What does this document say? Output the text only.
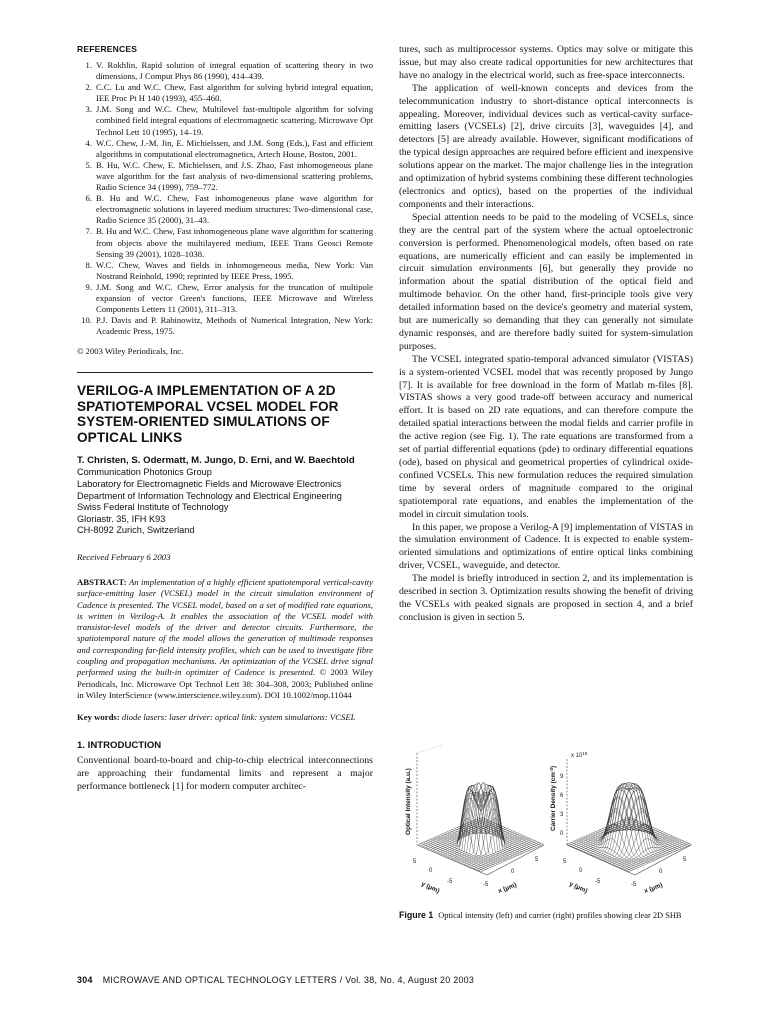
REFERENCES
1. V. Rokhlin, Rapid solution of integral equation of scattering theory in two dimensions, J Comput Phys 86 (1990), 414–439.
2. C.C. Lu and W.C. Chew, Fast algorithm for solving hybrid integral equation, IEE Proc Pt H 140 (1993), 455–460.
3. J.M. Song and W.C. Chew, Multilevel fast-multipole algorithm for solving combined field integral equations of electromagnetic scattering, Microwave Opt Technol Lett 10 (1995), 14–19.
4. W.C. Chew, J.-M. Jin, E. Michielssen, and J.M. Song (Eds.), Fast and efficient algorithms in computational electromagnetics, Artech House, Boston, 2001.
5. B. Hu, W.C. Chew, E. Michielssen, and J.S. Zhao, Fast inhomogeneous plane wave algorithm for the fast analysis of two-dimensional scattering problems, Radio Science 34 (1999), 759–772.
6. B. Hu and W.C. Chew, Fast inhomogeneous plane wave algorithm for electromagnetic solutions in layered medium structures: Two-dimensional case, Radio Science 35 (2000), 31–43.
7. B. Hu and W.C. Chew, Fast inhomogeneous plane wave algorithm for scattering from objects above the multilayered medium, IEEE Trans Geosci Remote Sensing 39 (2001), 1028–1038.
8. W.C. Chew, Waves and fields in inhomogeneous media, New York: Van Nostrand Reinhold, 1990; reprinted by IEEE Press, 1995.
9. J.M. Song and W.C. Chew, Error analysis for the truncation of multipole expansion of vector Green's functions, IEEE Microwave and Wireless Components Letters 11 (2001), 311–313.
10. P.J. Davis and P. Rabinowitz, Methods of Numerical Integration, New York: Academic Press, 1975.
© 2003 Wiley Periodicals, Inc.
VERILOG-A IMPLEMENTATION OF A 2D SPATIOTEMPORAL VCSEL MODEL FOR SYSTEM-ORIENTED SIMULATIONS OF OPTICAL LINKS
T. Christen, S. Odermatt, M. Jungo, D. Erni, and W. Baechtold
Communication Photonics Group
Laboratory for Electromagnetic Fields and Microwave Electronics
Department of Information Technology and Electrical Engineering
Swiss Federal Institute of Technology
Gloriastr. 35, IFH K93
CH-8092 Zurich, Switzerland
Received February 6 2003
ABSTRACT: An implementation of a highly efficient spatiotemporal vertical-cavity surface-emitting laser (VCSEL) model in the circuit simulation environment of Cadence is presented. The VCSEL model, based on a set of modified rate equations, is written in Verilog-A. It enables the association of the VCSEL model with transistor-level models of the driver and detector circuits. Furthermore, the spatiotemporal nature of the model allows the generation of multimode responses and corresponding far-field intensity profiles, which can be used to investigate fibre coupling and propagation mechanisms. An optimization of the VCSEL drive signal performed using the built-in optimizer of Cadence is presented. © 2003 Wiley Periodicals, Inc. Microwave Opt Technol Lett 38: 304–308, 2003; Published online in Wiley InterScience (www.interscience.wiley.com). DOI 10.1002/mop.11044
Key words: diode lasers: laser driver: optical link: system simulations: VCSEL
1. INTRODUCTION

Conventional board-to-board and chip-to-chip electrical interconnections are approaching their fundamental limits and represent a major performance bottleneck [1] for modern computer architec-

tures, such as multiprocessor systems. Optics may solve or mitigate this issue, but may also create radical opportunities for new architectures that have no analogy in the electrical world, such as free-space interconnects.

The application of well-known concepts and devices from the telecommunication industry to short-distance optical interconnects is appealing. Moreover, individual devices such as vertical-cavity surface-emitting lasers (VCSELs) [2], drive circuits [3], waveguides [4], and detectors [5] are already available. However, significant modifications of the typical design approaches are required before efficient and inexpensive solutions appear on the market. The major challenge lies in the integration and optimization of hybrid systems combining these different technologies (electronics and optics), based on the properties of the individual components and their interactions.

Special attention needs to be paid to the modeling of VCSELs, since they are the central part of the system where the actual optoelectronic conversion is performed. Phenomenological models, often based on rate equations, are numerically efficient and can easily be implemented in circuit simulation environments [6], but generally they provide no information about the spatial distribution of the optical field and multimode behavior. On the other hand, first-principle tools give very detailed information based on the device's geometry and material system, but are numerically so demanding that they can generally not simulate dynamic responses, and are therefore badly suited for system-simulation purposes.

The VCSEL integrated spatio-temporal advanced simulator (VISTAS) is a system-oriented VCSEL model that was recently proposed by Jungo [7]. It is available for free download in the form of Matlab m-files [8]. VISTAS shows a very good trade-off between accuracy and numerical effort. It is based on 2D rate equations, and can therefore compute the detailed spatial interactions between the modal fields and carrier profile in the active region (see Fig. 1). The rate equations are transformed from a set of partial differential equations (pde) to ordinary differential equations (ode), based on physical and geometrical properties of cylindrical oxide-confined VCSELs. This new formulation reduces the required simulation time by several orders of magnitude compared to the original spatiotemporal rate equations, and enables the implementation of the model in circuit simulation tools.

In this paper, we propose a Verilog-A [9] implementation of VISTAS in the simulation environment of Cadence. It is expected to enable system-oriented simulations and optimizations of entire optical links combining driver, VCSEL, waveguide, and detector.

The model is briefly introduced in section 2, and its implementation is described in section 3. Optimization results showing the benefit of driving the VCSELs with peaked signals are proposed in section 4, and a brief conclusion is given in section 5.

Optical Intensity (a.u.)
5
0
-5	-5
0
5
y (μm)	x (μm)
Carrier Density $(cm^{-3})$
x $10^{18}$
9
6
3
0
5
0
-5	-5
0
5
y (μm)	x (μm)
Figure 1 Optical intensity (left) and carrier (right) profiles showing clear 2D SHB
304 MICROWAVE AND OPTICAL TECHNOLOGY LETTERS / Vol. 38, No. 4, August 20 2003
